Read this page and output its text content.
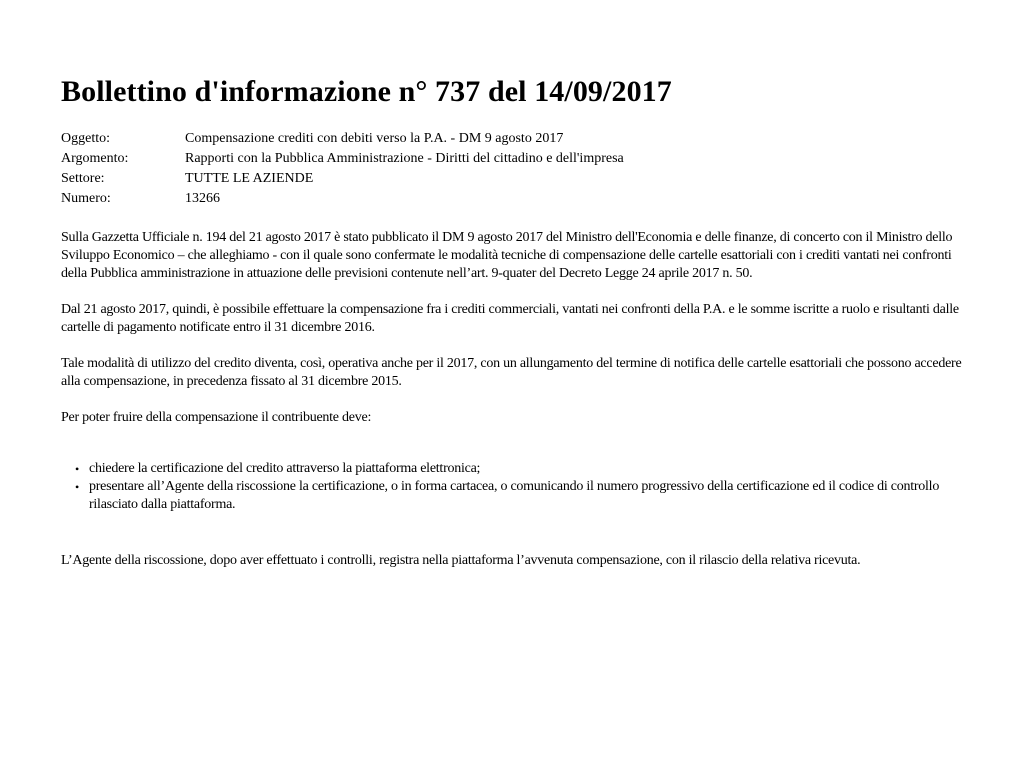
Bollettino d'informazione n° 737 del 14/09/2017
Oggetto:	Compensazione crediti con debiti verso la P.A. - DM 9 agosto 2017
Argomento:	Rapporti con la Pubblica Amministrazione - Diritti del cittadino e dell'impresa
Settore:	TUTTE LE AZIENDE
Numero:	13266

Sulla Gazzetta Ufficiale n. 194 del 21 agosto 2017 è stato pubblicato il DM 9 agosto 2017 del Ministro dell'Economia e delle finanze, di concerto con il Ministro dello Sviluppo Economico – che alleghiamo - con il quale sono confermate le modalità tecniche di compensazione delle cartelle esattoriali con i crediti vantati nei confronti della Pubblica amministrazione in attuazione delle previsioni contenute nell’art. 9-quater del Decreto Legge 24 aprile 2017 n. 50.

Dal 21 agosto 2017, quindi, è possibile effettuare la compensazione fra i crediti commerciali, vantati nei confronti della P.A. e le somme iscritte a ruolo e risultanti dalle cartelle di pagamento notificate entro il 31 dicembre 2016.

Tale modalità di utilizzo del credito diventa, così, operativa anche per il 2017, con un allungamento del termine di notifica delle cartelle esattoriali che possono accedere alla compensazione, in precedenza fissato al 31 dicembre 2015.

Per poter fruire della compensazione il contribuente deve:

• chiedere la certificazione del credito attraverso la piattaforma elettronica;
• presentare all’Agente della riscossione la certificazione, o in forma cartacea, o comunicando il numero progressivo della certificazione ed il codice di controllo rilasciato dalla piattaforma.

L’Agente della riscossione, dopo aver effettuato i controlli, registra nella piattaforma l’avvenuta compensazione, con il rilascio della relativa ricevuta.
